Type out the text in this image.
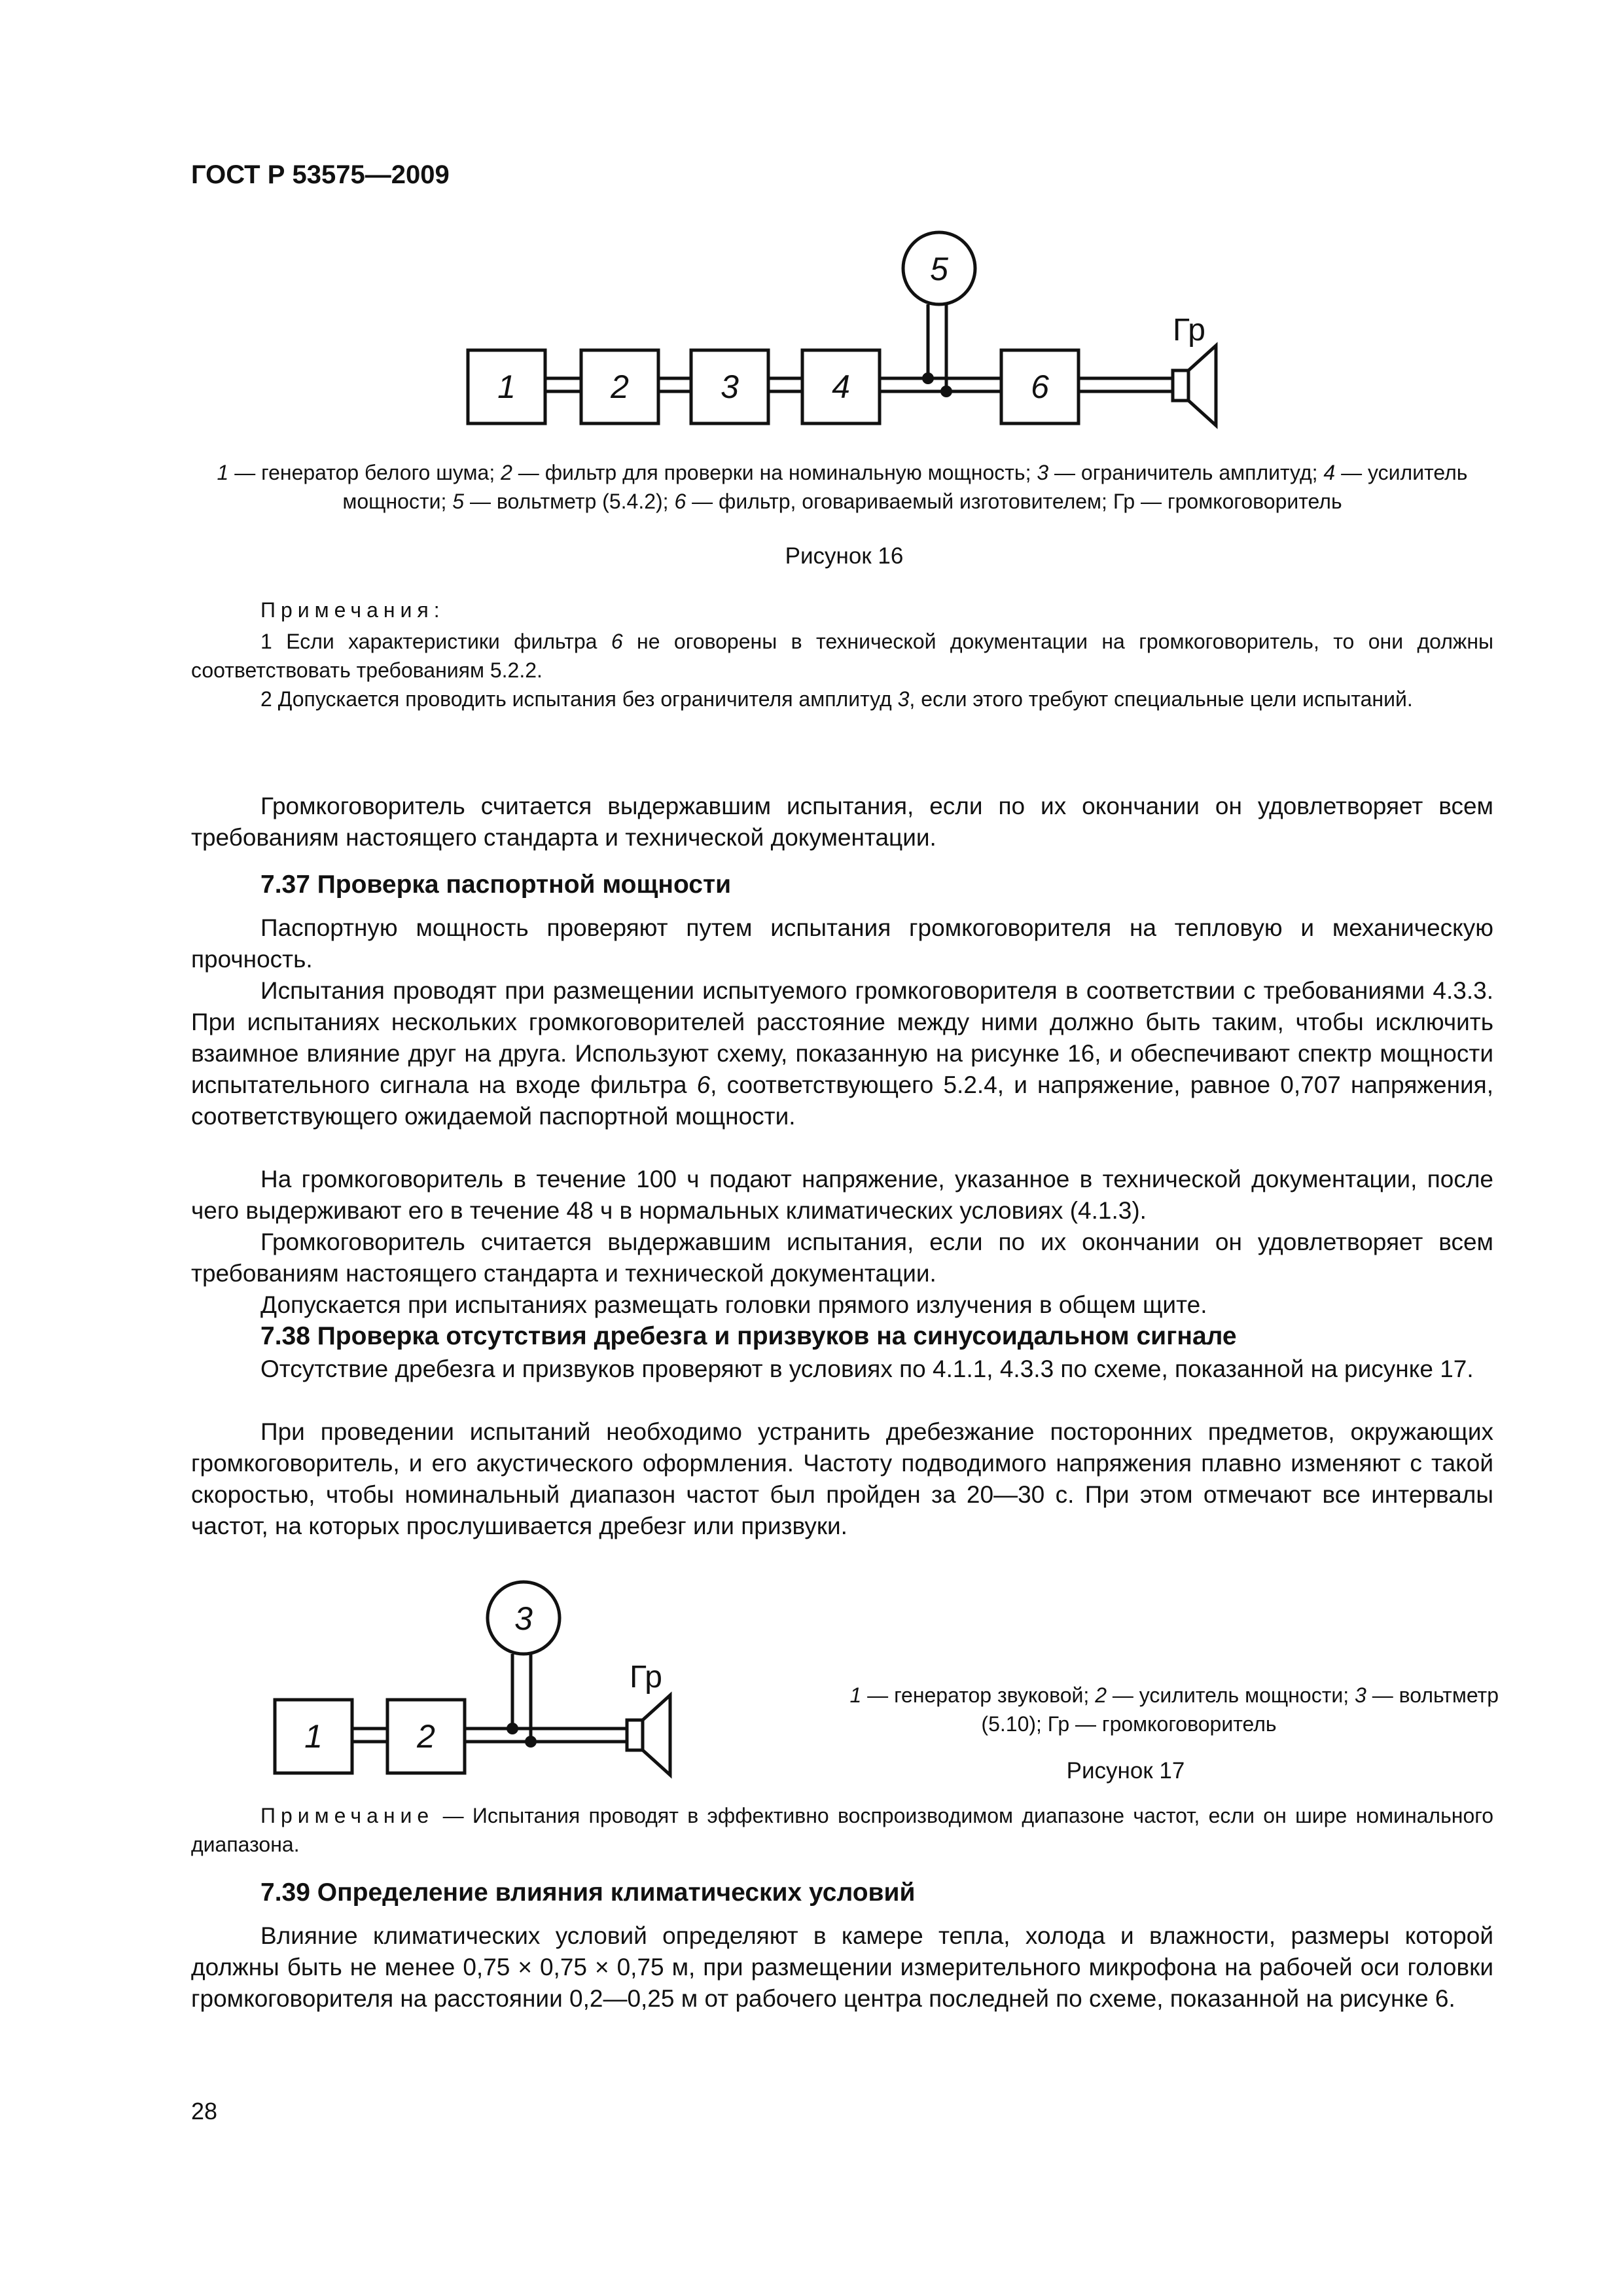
ГОСТ Р 53575—2009
1	2	3	4	6
5
Гр
1	2
3
Гр
1 — генератор белого шума; 2 — фильтр для проверки на номинальную мощность; 3 — ограничитель амплитуд; 4 — усилитель
мощности; 5 — вольтметр (5.4.2); 6 — фильтр, оговариваемый изготовителем; Гр — громкоговоритель
Рисунок 16
Примечания:
1 Если характеристики фильтра 6 не оговорены в технической документации на громкоговоритель, то они должны соответствовать требованиям 5.2.2.
2 Допускается проводить испытания без ограничителя амплитуд 3, если этого требуют специальные цели испытаний.
Громкоговоритель считается выдержавшим испытания, если по их окончании он удовлетворяет всем требованиям настоящего стандарта и технической документации.
7.37 Проверка паспортной мощности
Паспортную мощность проверяют путем испытания громкоговорителя на тепловую и механическую прочность.
Испытания проводят при размещении испытуемого громкоговорителя в соответствии с требованиями 4.3.3. При испытаниях нескольких громкоговорителей расстояние между ними должно быть таким, чтобы исключить взаимное влияние друг на друга. Используют схему, показанную на рисунке 16, и обеспечивают спектр мощности испытательного сигнала на входе фильтра 6, соответствующего 5.2.4, и напряжение, равное 0,707 напряжения, соответствующего ожидаемой паспортной мощности.
На громкоговоритель в течение 100 ч подают напряжение, указанное в технической документации, после чего выдерживают его в течение 48 ч в нормальных климатических условиях (4.1.3).
Громкоговоритель считается выдержавшим испытания, если по их окончании он удовлетворяет всем требованиям настоящего стандарта и технической документации.
Допускается при испытаниях размещать головки прямого излучения в общем щите.
7.38 Проверка отсутствия дребезга и призвуков на синусоидальном сигнале
Отсутствие дребезга и призвуков проверяют в условиях по 4.1.1, 4.3.3 по схеме, показанной на рисунке 17.
При проведении испытаний необходимо устранить дребезжание посторонних предметов, окружающих громкоговоритель, и его акустического оформления. Частоту подводимого напряжения плавно изменяют с такой скоростью, чтобы номинальный диапазон частот был пройден за 20—30 с. При этом отмечают все интервалы частот, на которых прослушивается дребезг или призвуки.
1 — генератор звуковой; 2 — усилитель мощности; 3 — вольтметр
(5.10); Гр — громкоговоритель
Рисунок 17
Примечание — Испытания проводят в эффективно воспроизводимом диапазоне частот, если он шире номинального диапазона.
7.39 Определение влияния климатических условий
Влияние климатических условий определяют в камере тепла, холода и влажности, размеры которой должны быть не менее 0,75 × 0,75 × 0,75 м, при размещении измерительного микрофона на рабочей оси головки громкоговорителя на расстоянии 0,2—0,25 м от рабочего центра последней по схеме, показанной на рисунке 6.
28
